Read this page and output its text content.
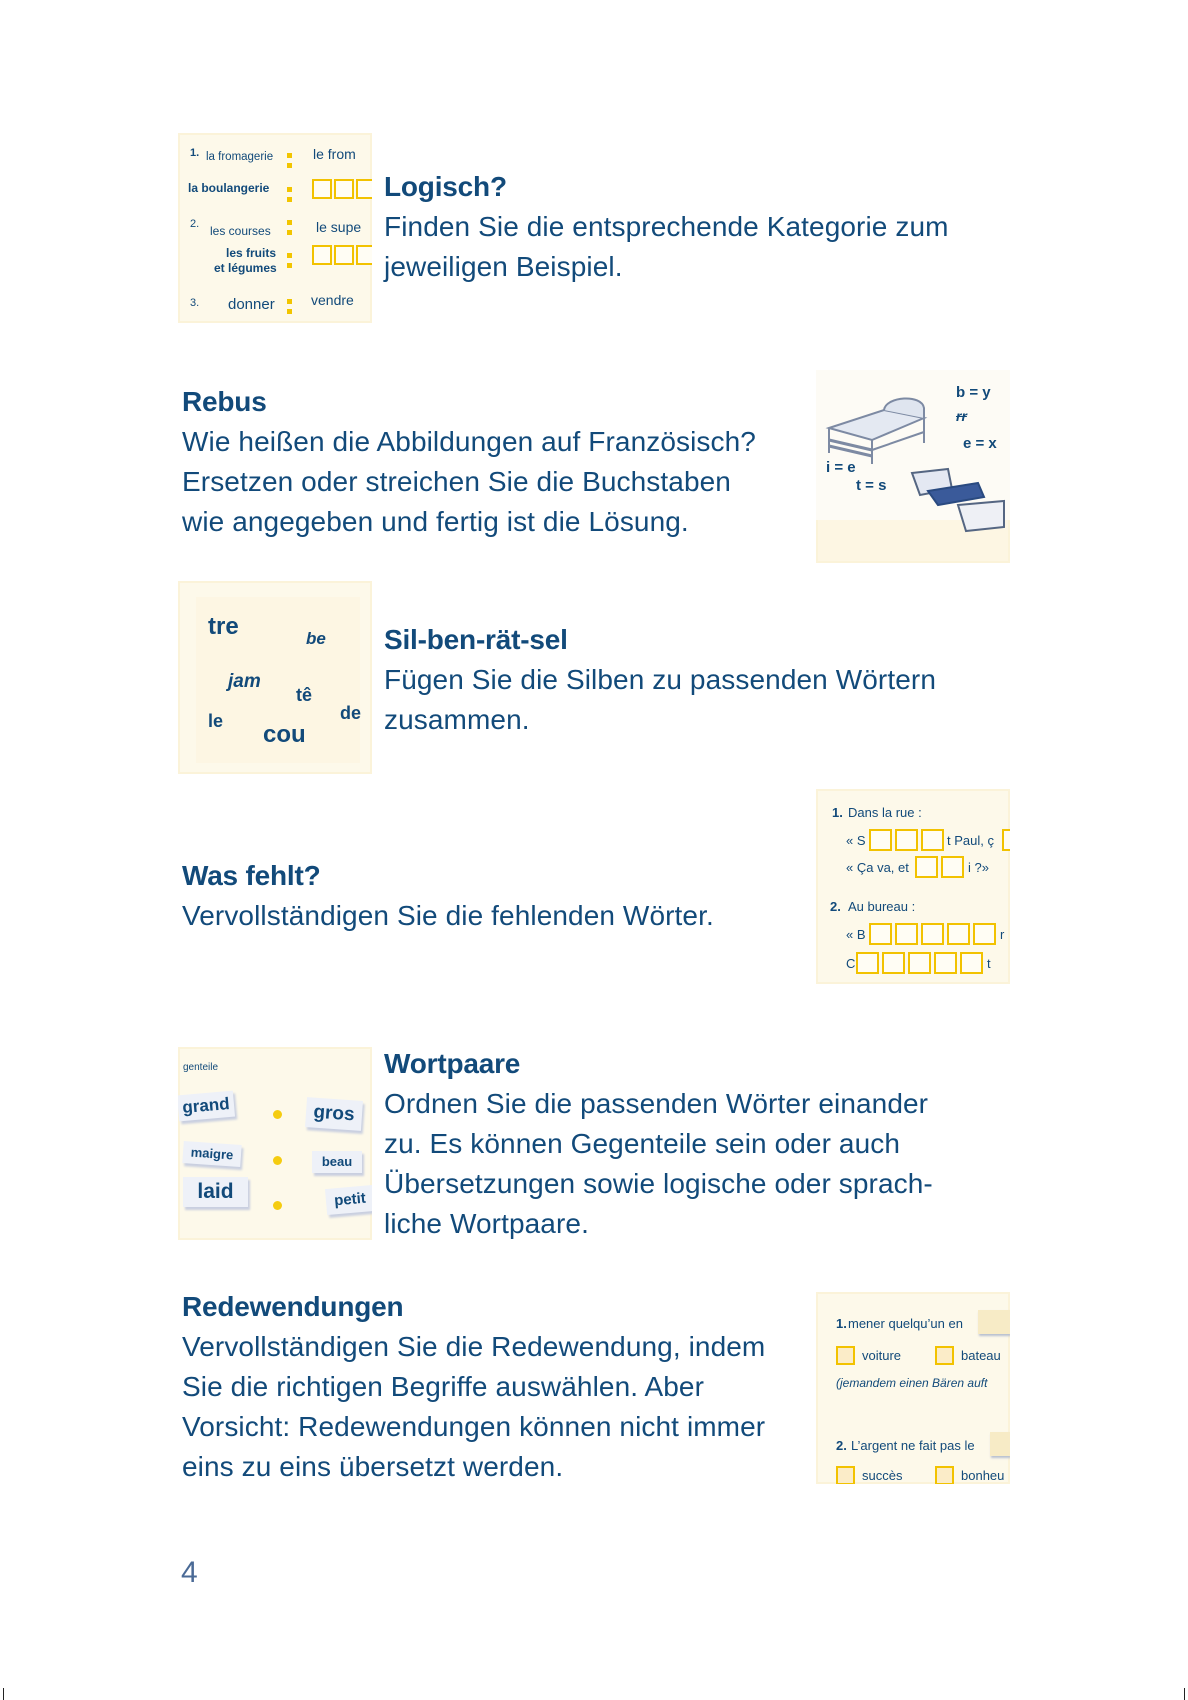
1. la fromagerie	le from
la boulangerie
2. les courses	le supe
les fruits
et légumes
3. donner	vendre
Logisch?
Finden Sie die entsprechende Kategorie zum
jeweiligen Beispiel.
Rebus
Wie heißen die Abbildungen auf Französisch?
Ersetzen oder streichen Sie die Buchstaben
wie angegeben und fertig ist die Lösung.
b = y
rr
e = x
i = e
t = s
tre	be
jam
tê
de
le cou
Sil-ben-rät-sel
Fügen Sie die Silben zu passenden Wörtern
zusammen.
Was fehlt?
Vervollständigen Sie die fehlenden Wörter.
1. Dans la rue :
« S	t Paul, ç
« Ça va, et	i ?»
2. Au bureau :
« B	r
C	t
genteile
grand
maigre
laid
gros
beau
petit
Wortpaare
Ordnen Sie die passenden Wörter einander
zu. Es können Gegenteile sein oder auch
Übersetzungen sowie logische oder sprach-
liche Wortpaare.
Redewendungen
Vervollständigen Sie die Redewendung, indem
Sie die richtigen Begriffe auswählen. Aber
Vorsicht: Redewendungen können nicht immer
eins zu eins übersetzt werden.
1. mener quelqu’un en
voiture	bateau
(jemandem einen Bären auft
2. L’argent ne fait pas le
succès	bonheu
4
